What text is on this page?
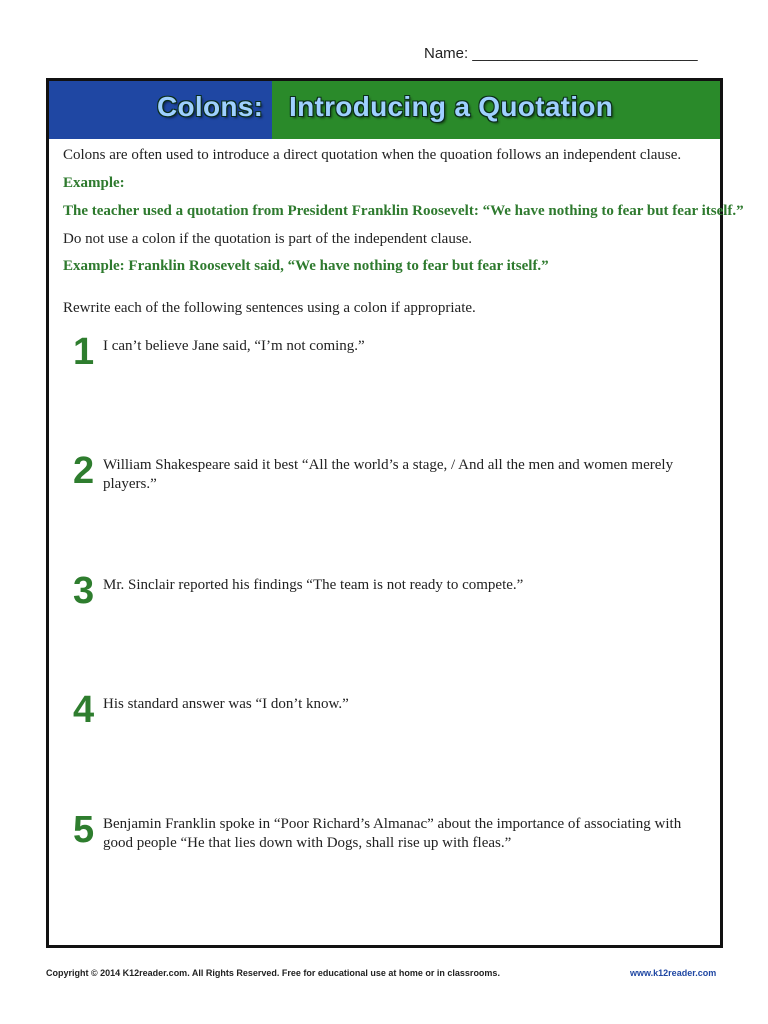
Name: ___________________________
Colons: Introducing a Quotation
Colons are often used to introduce a direct quotation when the quoation follows an independent clause.
Example:
The teacher used a quotation from President Franklin Roosevelt: “We have nothing to fear but fear itself.”
Do not use a colon if the quotation is part of the independent clause.
Example: Franklin Roosevelt said, “We have nothing to fear but fear itself.”
Rewrite each of the following sentences using a colon if appropriate.
1 I can’t believe Jane said, “I’m not coming.”
2 William Shakespeare said it best “All the world’s a stage, / And all the men and women merely players.”
3 Mr. Sinclair reported his findings “The team is not ready to compete.”
4 His standard answer was “I don’t know.”
5 Benjamin Franklin spoke in “Poor Richard’s Almanac” about the importance of associating with good people “He that lies down with Dogs, shall rise up with fleas.”
Copyright © 2014 K12reader.com. All Rights Reserved. Free for educational use at home or in classrooms.	www.k12reader.com
